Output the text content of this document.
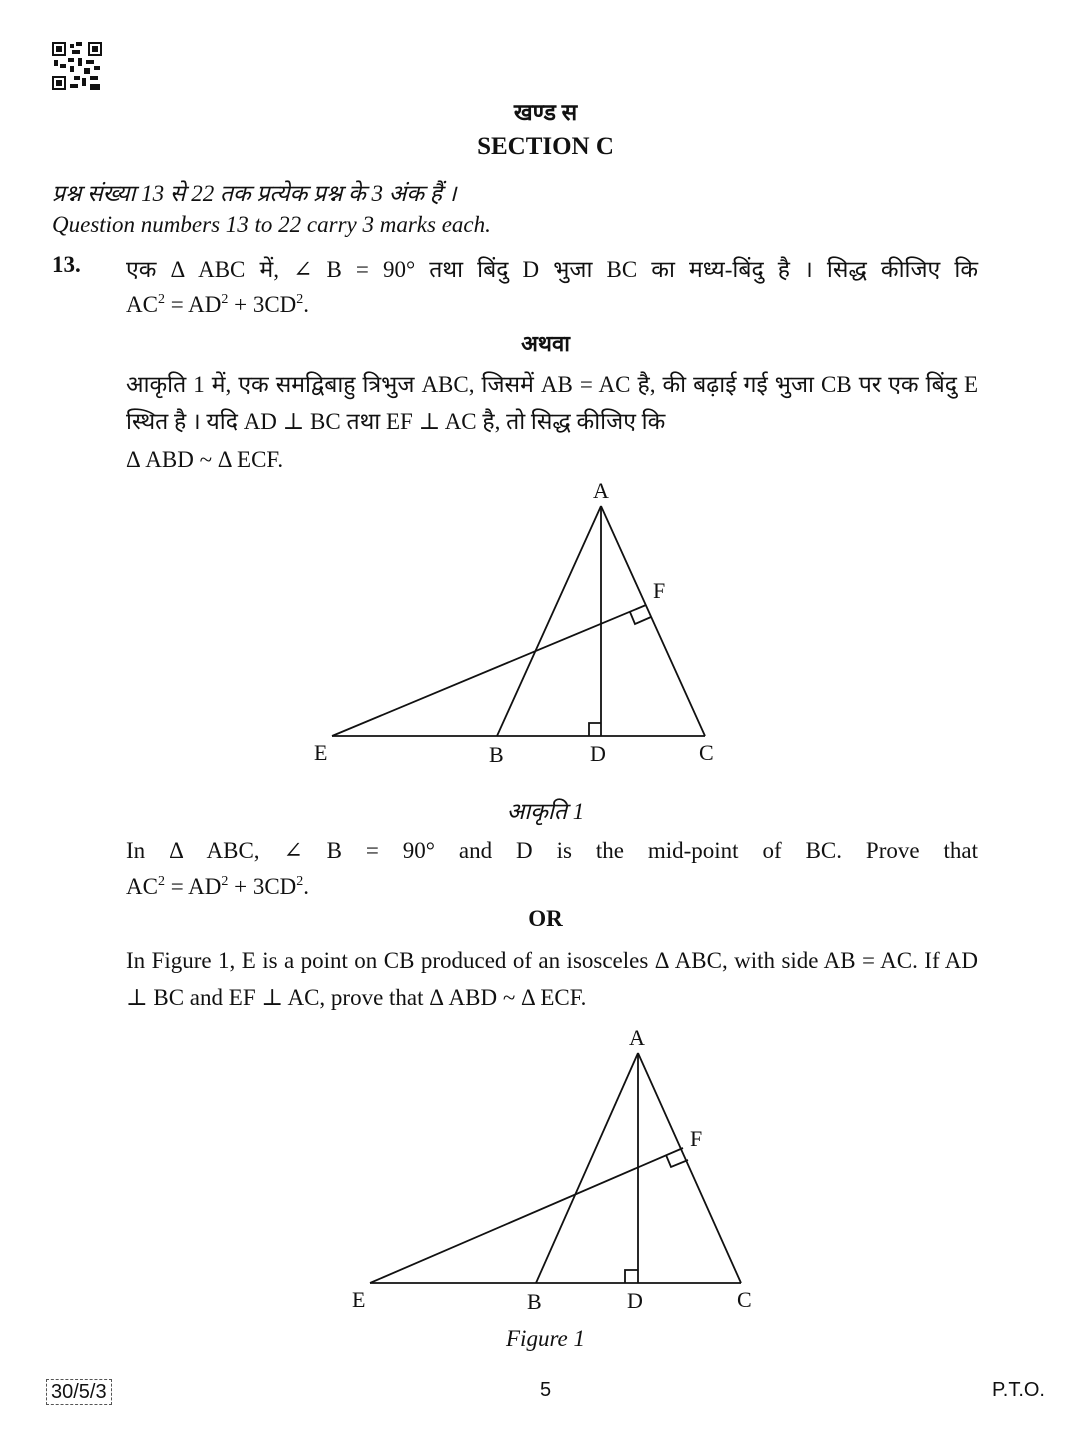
खण्ड स
SECTION C
प्रश्न संख्या 13 से 22 तक प्रत्येक प्रश्न के 3 अंक हैं ।
Question numbers 13 to 22 carry 3 marks each.
13. एक Δ ABC में, ∠ B = 90° तथा बिंदु D भुजा BC का मध्य-बिंदु है । सिद्ध कीजिए कि
$AC^2 = AD^2 + 3CD^2$.
अथवा
आकृति 1 में, एक समद्विबाहु त्रिभुज ABC, जिसमें AB = AC है, की बढ़ाई गई भुजा CB पर एक बिंदु E स्थित है । यदि AD ⊥ BC तथा EF ⊥ AC है, तो सिद्ध कीजिए कि
Δ ABD ~ Δ ECF.
A
F
E	B	D	C
आकृति 1
In Δ ABC, ∠ B = 90° and D is the mid-point of BC. Prove that
$AC^2 = AD^2 + 3CD^2$.
OR
In Figure 1, E is a point on CB produced of an isosceles Δ ABC, with side AB = AC. If AD ⊥ BC and EF ⊥ AC, prove that Δ ABD ~ Δ ECF.
A
F
E	B	D	C
Figure 1
30/5/3	5	P.T.O.
